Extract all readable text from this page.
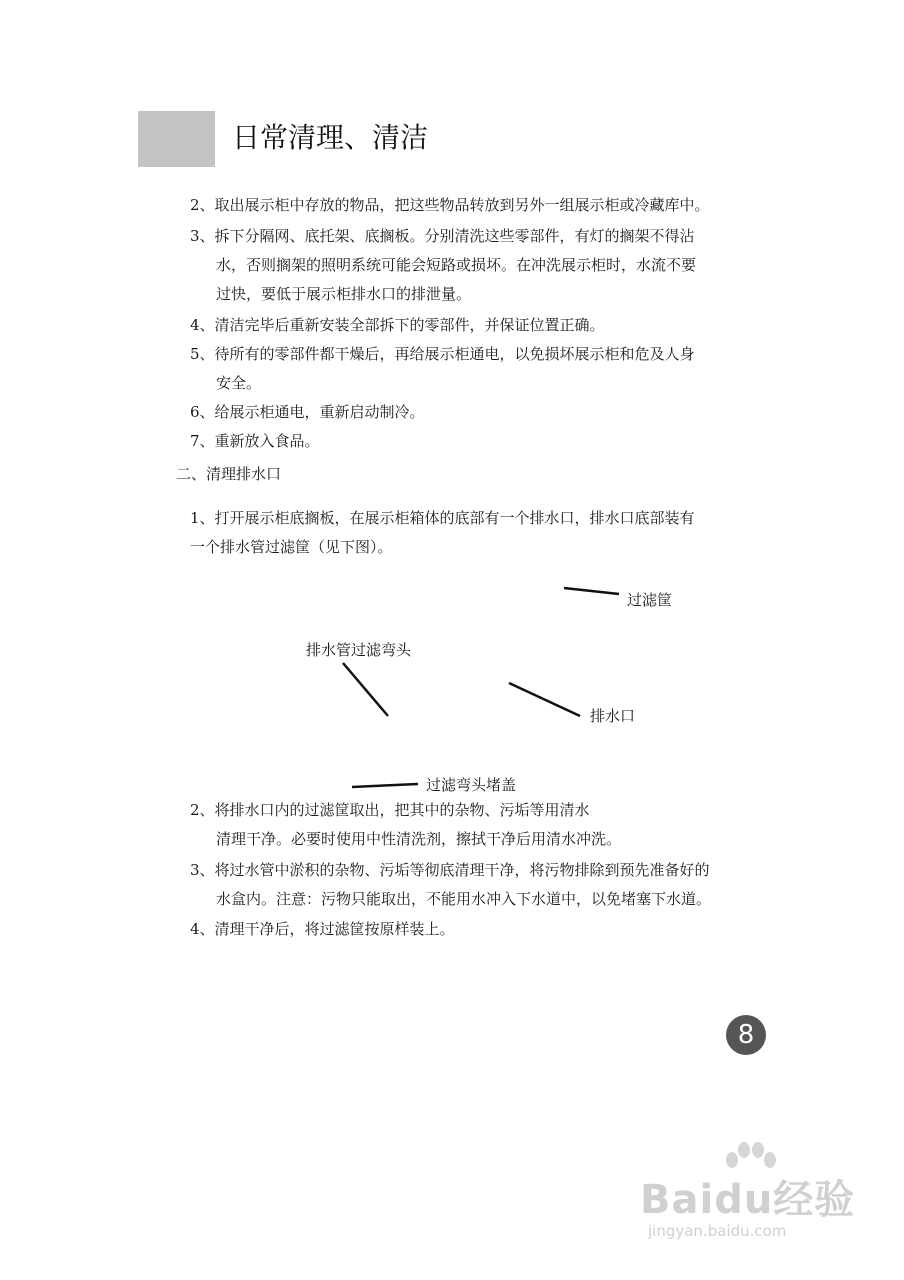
日常清理、清洁
2、取出展示柜中存放的物品，把这些物品转放到另外一组展示柜或冷藏库中。
3、拆下分隔网、底托架、底搁板。分别清洗这些零部件，有灯的搁架不得沾
水，否则搁架的照明系统可能会短路或损坏。在冲洗展示柜时，水流不要
过快，要低于展示柜排水口的排泄量。
4、清洁完毕后重新安装全部拆下的零部件，并保证位置正确。
5、待所有的零部件都干燥后，再给展示柜通电，以免损坏展示柜和危及人身
安全。
6、给展示柜通电，重新启动制冷。
7、重新放入食品。
二、清理排水口
1、打开展示柜底搁板，在展示柜箱体的底部有一个排水口，排水口底部装有
一个排水管过滤筐（见下图）。
过滤筐
排水管过滤弯头
排水口
过滤弯头堵盖
2、将排水口内的过滤筐取出，把其中的杂物、污垢等用清水
清理干净。必要时使用中性清洗剂，擦拭干净后用清水冲洗。
3、将过水管中淤积的杂物、污垢等彻底清理干净，将污物排除到预先准备好的
水盒内。注意：污物只能取出，不能用水冲入下水道中，以免堵塞下水道。
4、清理干净后，将过滤筐按原样装上。
8
Baidu经验
jingyan.baidu.com
